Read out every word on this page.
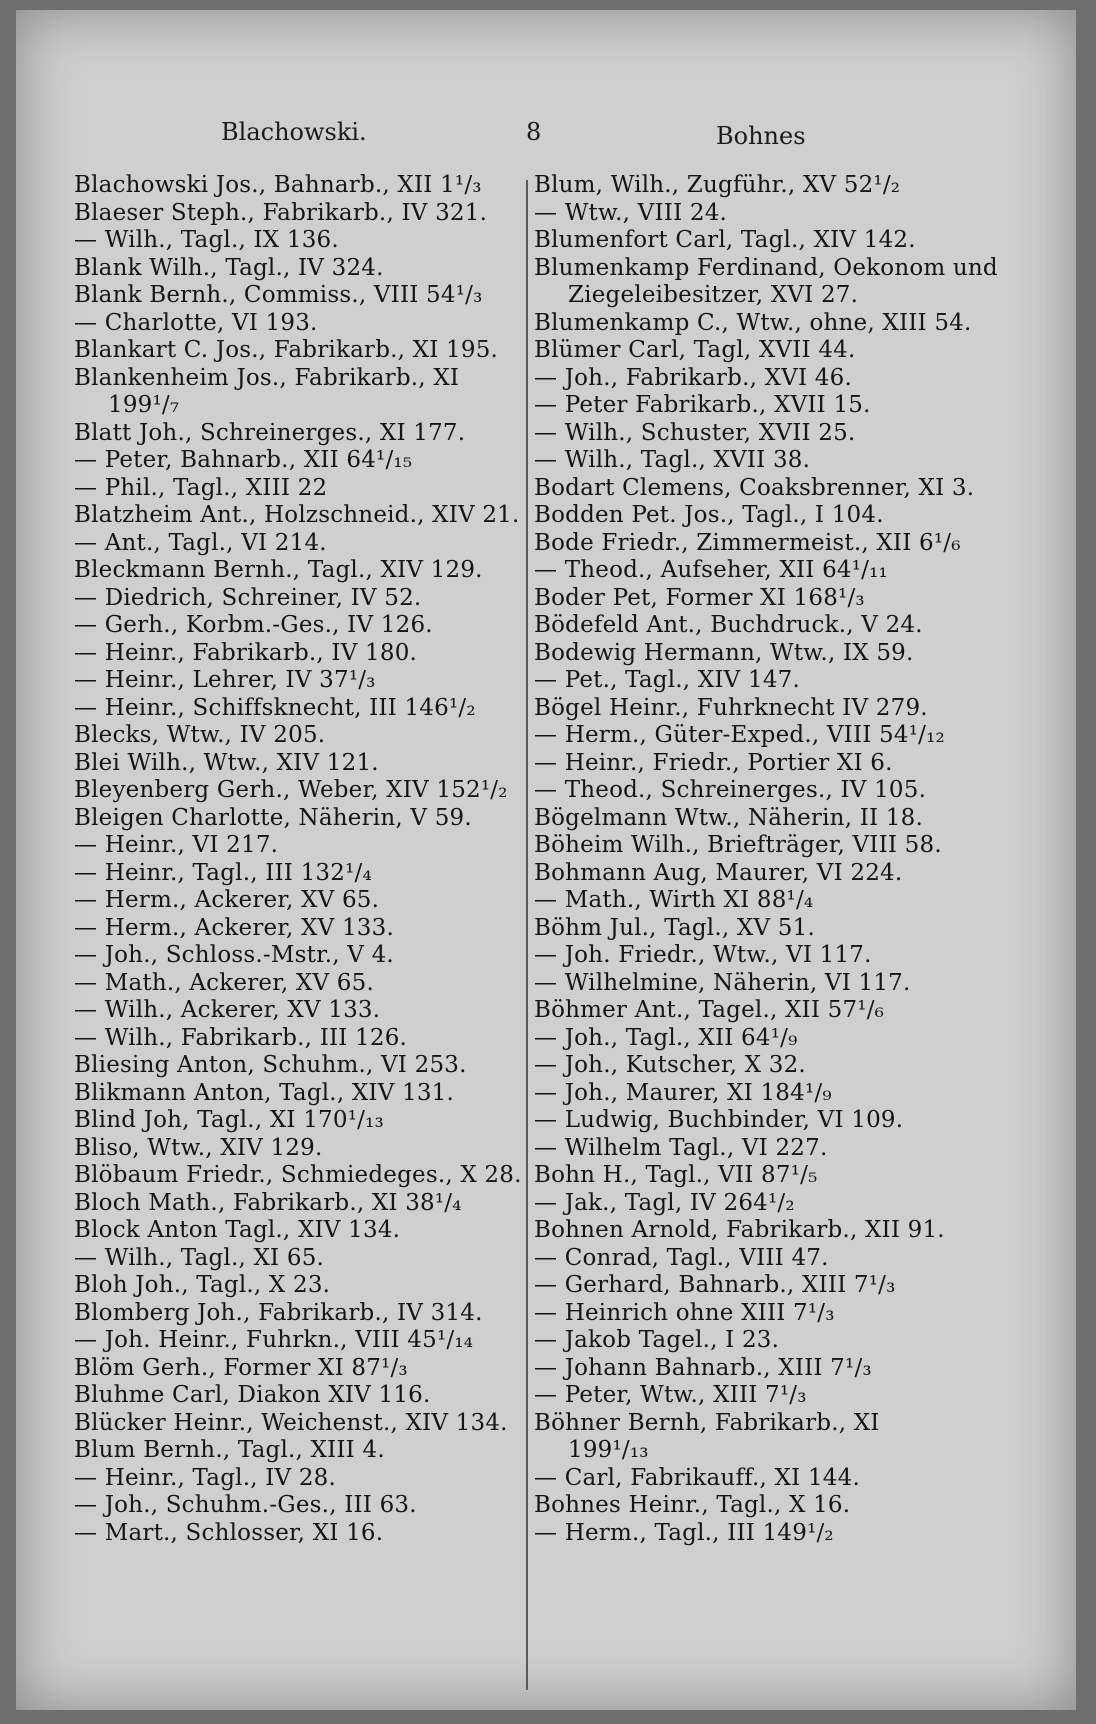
Blachowski.	8	Bohnes
Blachowski Jos., Bahnarb., XII 1¹/₃
Blaeser Steph., Fabrikarb., IV 321.
— Wilh., Tagl., IX 136.
Blank Wilh., Tagl., IV 324.
Blank Bernh., Commiss., VIII 54¹/₃
— Charlotte, VI 193.
Blankart C. Jos., Fabrikarb., XI 195.
Blankenheim Jos., Fabrikarb., XI
199¹/₇
Blatt Joh., Schreinerges., XI 177.
— Peter, Bahnarb., XII 64¹/₁₅
— Phil., Tagl., XIII 22
Blatzheim Ant., Holzschneid., XIV 21.
— Ant., Tagl., VI 214.
Bleckmann Bernh., Tagl., XIV 129.
— Diedrich, Schreiner, IV 52.
— Gerh., Korbm.-Ges., IV 126.
— Heinr., Fabrikarb., IV 180.
— Heinr., Lehrer, IV 37¹/₃
— Heinr., Schiffsknecht, III 146¹/₂
Blecks, Wtw., IV 205.
Blei Wilh., Wtw., XIV 121.
Bleyenberg Gerh., Weber, XIV 152¹/₂
Bleigen Charlotte, Näherin, V 59.
— Heinr., VI 217.
— Heinr., Tagl., III 132¹/₄
— Herm., Ackerer, XV 65.
— Herm., Ackerer, XV 133.
— Joh., Schloss.-Mstr., V 4.
— Math., Ackerer, XV 65.
— Wilh., Ackerer, XV 133.
— Wilh., Fabrikarb., III 126.
Bliesing Anton, Schuhm., VI 253.
Blikmann Anton, Tagl., XIV 131.
Blind Joh, Tagl., XI 170¹/₁₃
Bliso, Wtw., XIV 129.
Blöbaum Friedr., Schmiedeges., X 28.
Bloch Math., Fabrikarb., XI 38¹/₄
Block Anton Tagl., XIV 134.
— Wilh., Tagl., XI 65.
Bloh Joh., Tagl., X 23.
Blomberg Joh., Fabrikarb., IV 314.
— Joh. Heinr., Fuhrkn., VIII 45¹/₁₄
Blöm Gerh., Former XI 87¹/₃
Bluhme Carl, Diakon XIV 116.
Blücker Heinr., Weichenst., XIV 134.
Blum Bernh., Tagl., XIII 4.
— Heinr., Tagl., IV 28.
— Joh., Schuhm.-Ges., III 63.
— Mart., Schlosser, XI 16.
Blum, Wilh., Zugführ., XV 52¹/₂
— Wtw., VIII 24.
Blumenfort Carl, Tagl., XIV 142.
Blumenkamp Ferdinand, Oekonom und
Ziegeleibesitzer, XVI 27.
Blumenkamp C., Wtw., ohne, XIII 54.
Blümer Carl, Tagl, XVII 44.
— Joh., Fabrikarb., XVI 46.
— Peter Fabrikarb., XVII 15.
— Wilh., Schuster, XVII 25.
— Wilh., Tagl., XVII 38.
Bodart Clemens, Coaksbrenner, XI 3.
Bodden Pet. Jos., Tagl., I 104.
Bode Friedr., Zimmermeist., XII 6¹/₆
— Theod., Aufseher, XII 64¹/₁₁
Boder Pet, Former XI 168¹/₃
Bödefeld Ant., Buchdruck., V 24.
Bodewig Hermann, Wtw., IX 59.
— Pet., Tagl., XIV 147.
Bögel Heinr., Fuhrknecht IV 279.
— Herm., Güter-Exped., VIII 54¹/₁₂
— Heinr., Friedr., Portier XI 6.
— Theod., Schreinerges., IV 105.
Bögelmann Wtw., Näherin, II 18.
Böheim Wilh., Briefträger, VIII 58.
Bohmann Aug, Maurer, VI 224.
— Math., Wirth XI 88¹/₄
Böhm Jul., Tagl., XV 51.
— Joh. Friedr., Wtw., VI 117.
— Wilhelmine, Näherin, VI 117.
Böhmer Ant., Tagel., XII 57¹/₆
— Joh., Tagl., XII 64¹/₉
— Joh., Kutscher, X 32.
— Joh., Maurer, XI 184¹/₉
— Ludwig, Buchbinder, VI 109.
— Wilhelm Tagl., VI 227.
Bohn H., Tagl., VII 87¹/₅
— Jak., Tagl, IV 264¹/₂
Bohnen Arnold, Fabrikarb., XII 91.
— Conrad, Tagl., VIII 47.
— Gerhard, Bahnarb., XIII 7¹/₃
— Heinrich ohne XIII 7¹/₃
— Jakob Tagel., I 23.
— Johann Bahnarb., XIII 7¹/₃
— Peter, Wtw., XIII 7¹/₃
Böhner Bernh, Fabrikarb., XI
199¹/₁₃
— Carl, Fabrikauff., XI 144.
Bohnes Heinr., Tagl., X 16.
— Herm., Tagl., III 149¹/₂
